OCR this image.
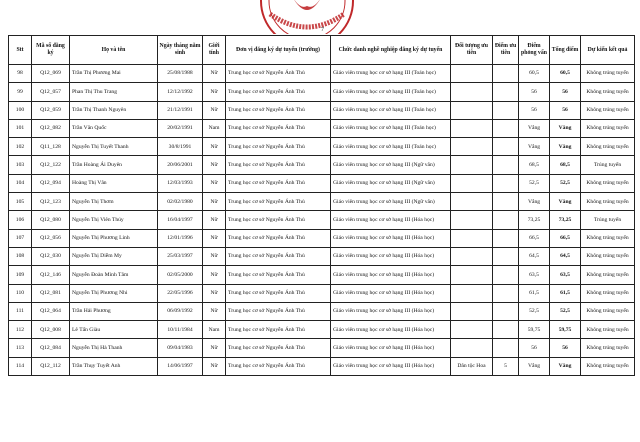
7
Stt	Mã số đăng ký	Họ và tên	Ngày tháng năm sinh	Giới tính	Đơn vị đăng ký dự tuyển (trường)	Chức danh nghề nghiệp đăng ký dự tuyển	Đối tượng ưu tiên	Điểm ưu tiên	Điểm phỏng vấn	Tổng điểm	Dự kiến kết quả
98	Q12_069	Trần Thị Phương Mai	25/08/1988	Nữ	Trung học cơ sở Nguyễn Ánh Thủ	Giáo viên trung học cơ sở hạng III (Toán học)			60,5	60,5	Không trúng tuyển
99	Q12_057	Phan Thị Thu Trang	12/12/1992	Nữ	Trung học cơ sở Nguyễn Ánh Thủ	Giáo viên trung học cơ sở hạng III (Toán học)			56	56	Không trúng tuyển
100	Q12_059	Trần Thị Thanh Nguyên	21/12/1991	Nữ	Trung học cơ sở Nguyễn Ánh Thủ	Giáo viên trung học cơ sở hạng III (Toán học)			56	56	Không trúng tuyển
101	Q12_082	Trần Văn Quốc	20/02/1991	Nam	Trung học cơ sở Nguyễn Ánh Thủ	Giáo viên trung học cơ sở hạng III (Toán học)			Vắng	Vắng	Không trúng tuyển
102	Q11_128	Nguyễn Thị Tuyết Thanh	30/8/1991	Nữ	Trung học cơ sở Nguyễn Ánh Thủ	Giáo viên trung học cơ sở hạng III (Toán học)			Vắng	Vắng	Không trúng tuyển
103	Q12_122	Trần Hoàng Ái Duyên	20/06/2001	Nữ	Trung học cơ sở Nguyễn Ánh Thủ	Giáo viên trung học cơ sở hạng III (Ngữ văn)			68,5	68,5	Trúng tuyển
104	Q12_094	Hoàng Thị Vân	12/03/1993	Nữ	Trung học cơ sở Nguyễn Ánh Thủ	Giáo viên trung học cơ sở hạng III (Ngữ văn)			52,5	52,5	Không trúng tuyển
105	Q12_123	Nguyễn Thị Thơm	02/02/1980	Nữ	Trung học cơ sở Nguyễn Ánh Thủ	Giáo viên trung học cơ sở hạng III (Ngữ văn)			Vắng	Vắng	Không trúng tuyển
106	Q12_080	Nguyễn Thị Viên Thúy	16/04/1997	Nữ	Trung học cơ sở Nguyễn Ánh Thủ	Giáo viên trung học cơ sở hạng III (Hóa học)			73,25	73,25	Trúng tuyển
107	Q12_056	Nguyễn Thị Phương Linh	12/01/1996	Nữ	Trung học cơ sở Nguyễn Ánh Thủ	Giáo viên trung học cơ sở hạng III (Hóa học)			66,5	66,5	Không trúng tuyển
108	Q12_030	Nguyễn Thị Diễm My	25/03/1997	Nữ	Trung học cơ sở Nguyễn Ánh Thủ	Giáo viên trung học cơ sở hạng III (Hóa học)			64,5	64,5	Không trúng tuyển
109	Q12_146	Nguyễn Đoàn Minh Tâm	02/05/2000	Nữ	Trung học cơ sở Nguyễn Ánh Thủ	Giáo viên trung học cơ sở hạng III (Hóa học)			63,5	63,5	Không trúng tuyển
110	Q12_081	Nguyễn Thị Phương Nhi	22/05/1996	Nữ	Trung học cơ sở Nguyễn Ánh Thủ	Giáo viên trung học cơ sở hạng III (Hóa học)			61,5	61,5	Không trúng tuyển
111	Q12_064	Trần Hải Phương	06/09/1992	Nữ	Trung học cơ sở Nguyễn Ánh Thủ	Giáo viên trung học cơ sở hạng III (Hóa học)			52,5	52,5	Không trúng tuyển
112	Q12_008	Lê Tấn Giàu	10/11/1984	Nam	Trung học cơ sở Nguyễn Ánh Thủ	Giáo viên trung học cơ sở hạng III (Hóa học)			59,75	59,75	Không trúng tuyển
113	Q12_084	Nguyễn Thị Hà Thanh	09/04/1983	Nữ	Trung học cơ sở Nguyễn Ánh Thủ	Giáo viên trung học cơ sở hạng III (Hóa học)			56	56	Không trúng tuyển
114	Q12_112	Trần Thụy Tuyết Anh	14/06/1997	Nữ	Trung học cơ sở Nguyễn Ánh Thủ	Giáo viên trung học cơ sở hạng III (Hóa học)	Dân tộc Hoa	5	Vắng	Vắng	Không trúng tuyển
